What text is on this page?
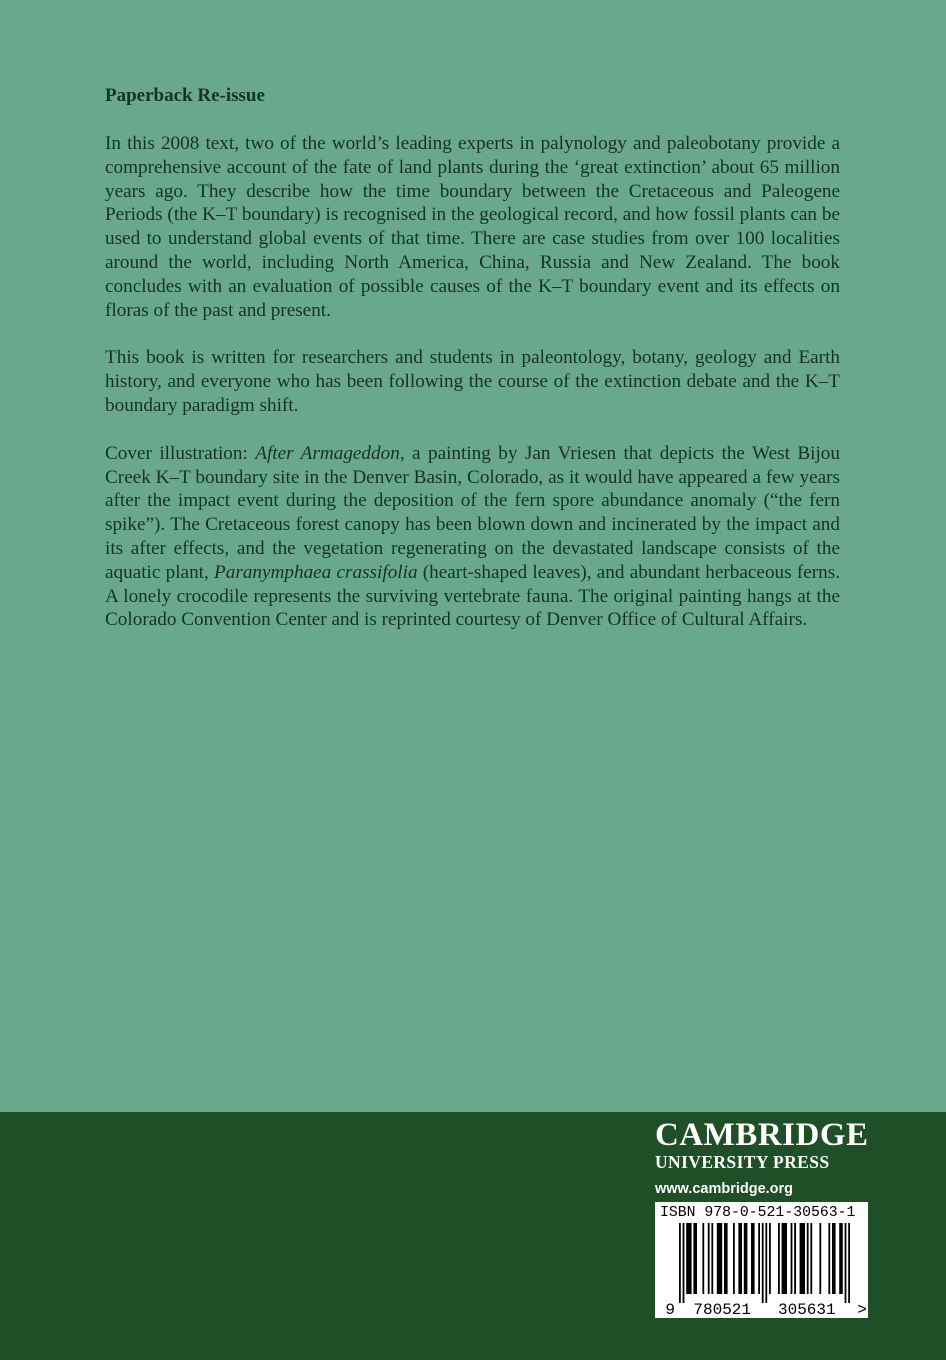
Paperback Re-issue

In this 2008 text, two of the world’s leading experts in palynology and paleobotany provide a comprehensive account of the fate of land plants during the ‘great extinction’ about 65 million years ago. They describe how the time boundary between the Cretaceous and Paleogene Periods (the K–T boundary) is recognised in the geological record, and how fossil plants can be used to understand global events of that time. There are case studies from over 100 localities around the world, including North America, China, Russia and New Zealand. The book concludes with an evaluation of possible causes of the K–T boundary event and its effects on floras of the past and present.

This book is written for researchers and students in paleontology, botany, geology and Earth history, and everyone who has been following the course of the extinction debate and the K–T boundary paradigm shift.

Cover illustration: After Armageddon, a painting by Jan Vriesen that depicts the West Bijou Creek K–T boundary site in the Denver Basin, Colorado, as it would have appeared a few years after the impact event during the deposition of the fern spore abundance anomaly (“the fern spike”). The Cretaceous forest canopy has been blown down and incinerated by the impact and its after effects, and the vegetation regenerating on the devastated landscape consists of the aquatic plant, Paranymphaea crassifolia (heart-shaped leaves), and abundant herbaceous ferns. A lonely crocodile represents the surviving vertebrate fauna. The original painting hangs at the Colorado Convention Center and is reprinted courtesy of Denver Office of Cultural Affairs.

CAMBRIDGE
UNIVERSITY PRESS
www.cambridge.org
ISBN 978-0-521-30563-1
9 780521 305631 >
